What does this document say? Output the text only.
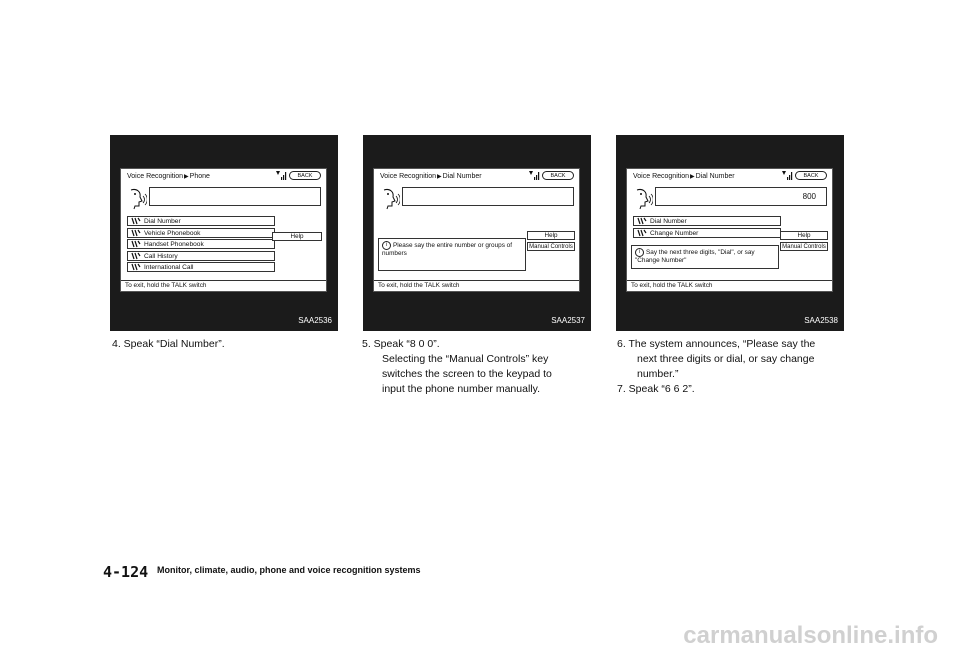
Voice Recognition▶Phone	BACK
Dial Number
Vehicle Phonebook
Handset Phonebook
Call History
International Call
Help
To exit, hold the TALK switch
SAA2536
Voice Recognition▶Dial Number	BACK
Help
Manual Controls
i Please say the entire number or groups of numbers
To exit, hold the TALK switch
SAA2537
Voice Recognition▶Dial Number	BACK
800
Dial Number
Change Number	Help
Manual Controls
i Say the next three digits, "Dial", or say "Change Number"
To exit, hold the TALK switch
SAA2538
4. Speak “Dial Number”.	5. Speak “8 0 0”.
Selecting the “Manual Controls” key
switches the screen to the keypad to
input the phone number manually.
6. The system announces, “Please say the
next three digits or dial, or say change
number.”
7. Speak “6 6 2”.
4-124 Monitor, climate, audio, phone and voice recognition systems
carmanualsonline.info
